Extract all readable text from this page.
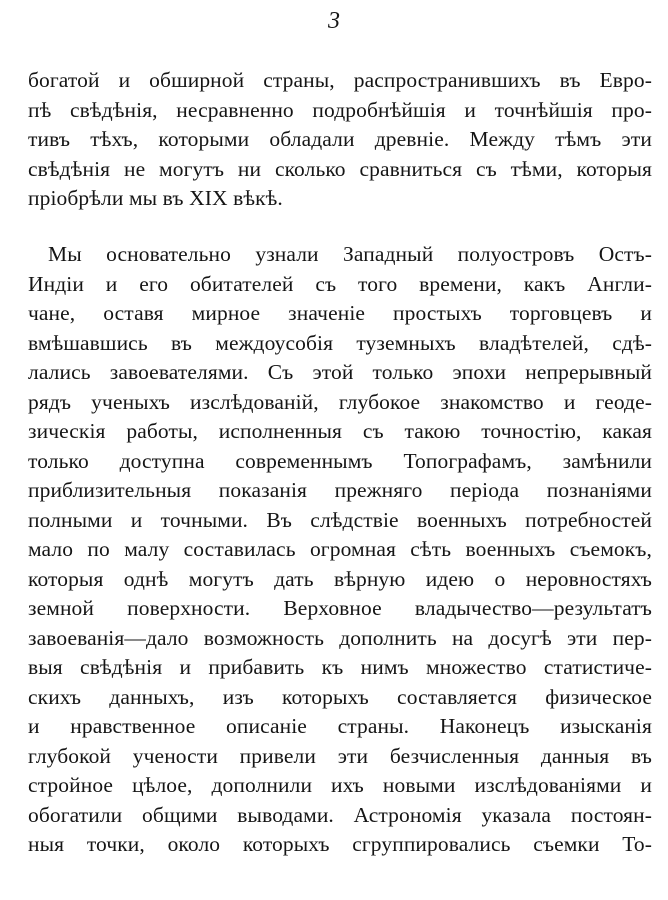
3
богатой и обширной страны, распространившихъ въ Евро-
пѣ свѣдѣнія, несравненно подробнѣйшія и точнѣйшія про-
тивъ тѣхъ, которыми обладали древніе. Между тѣмъ эти
свѣдѣнія не могутъ ни сколько сравниться съ тѣми, которыя
пріобрѣли мы въ XIX вѣкѣ.
Мы основательно узнали Западный полуостровъ Остъ-
Индіи и его обитателей съ того времени, какъ Англи-
чане, оставя мирное значеніе простыхъ торговцевъ и
вмѣшавшись въ междоусобія туземныхъ владѣтелей, сдѣ-
лались завоевателями. Съ этой только эпохи непрерывный
рядъ ученыхъ изслѣдованій, глубокое знакомство и геоде-
зическія работы, исполненныя съ такою точностію, какая
только доступна современнымъ Топографамъ, замѣнили
приблизительныя показанія прежняго періода познаніями
полными и точными. Въ слѣдствіе военныхъ потребностей
мало по малу составилась огромная сѣть военныхъ съемокъ,
которыя однѣ могутъ дать вѣрную идею о неровностяхъ
земной поверхности. Верховное владычество—результатъ
завоеванія—дало возможность дополнить на досугѣ эти пер-
выя свѣдѣнія и прибавить къ нимъ множество статистиче-
скихъ данныхъ, изъ которыхъ составляется физическое
и нравственное описаніе страны. Наконецъ изысканія
глубокой учености привели эти безчисленныя данныя въ
стройное цѣлое, дополнили ихъ новыми изслѣдованіями и
обогатили общими выводами. Астрономія указала постоян-
ныя точки, около которыхъ сгруппировались съемки То-
